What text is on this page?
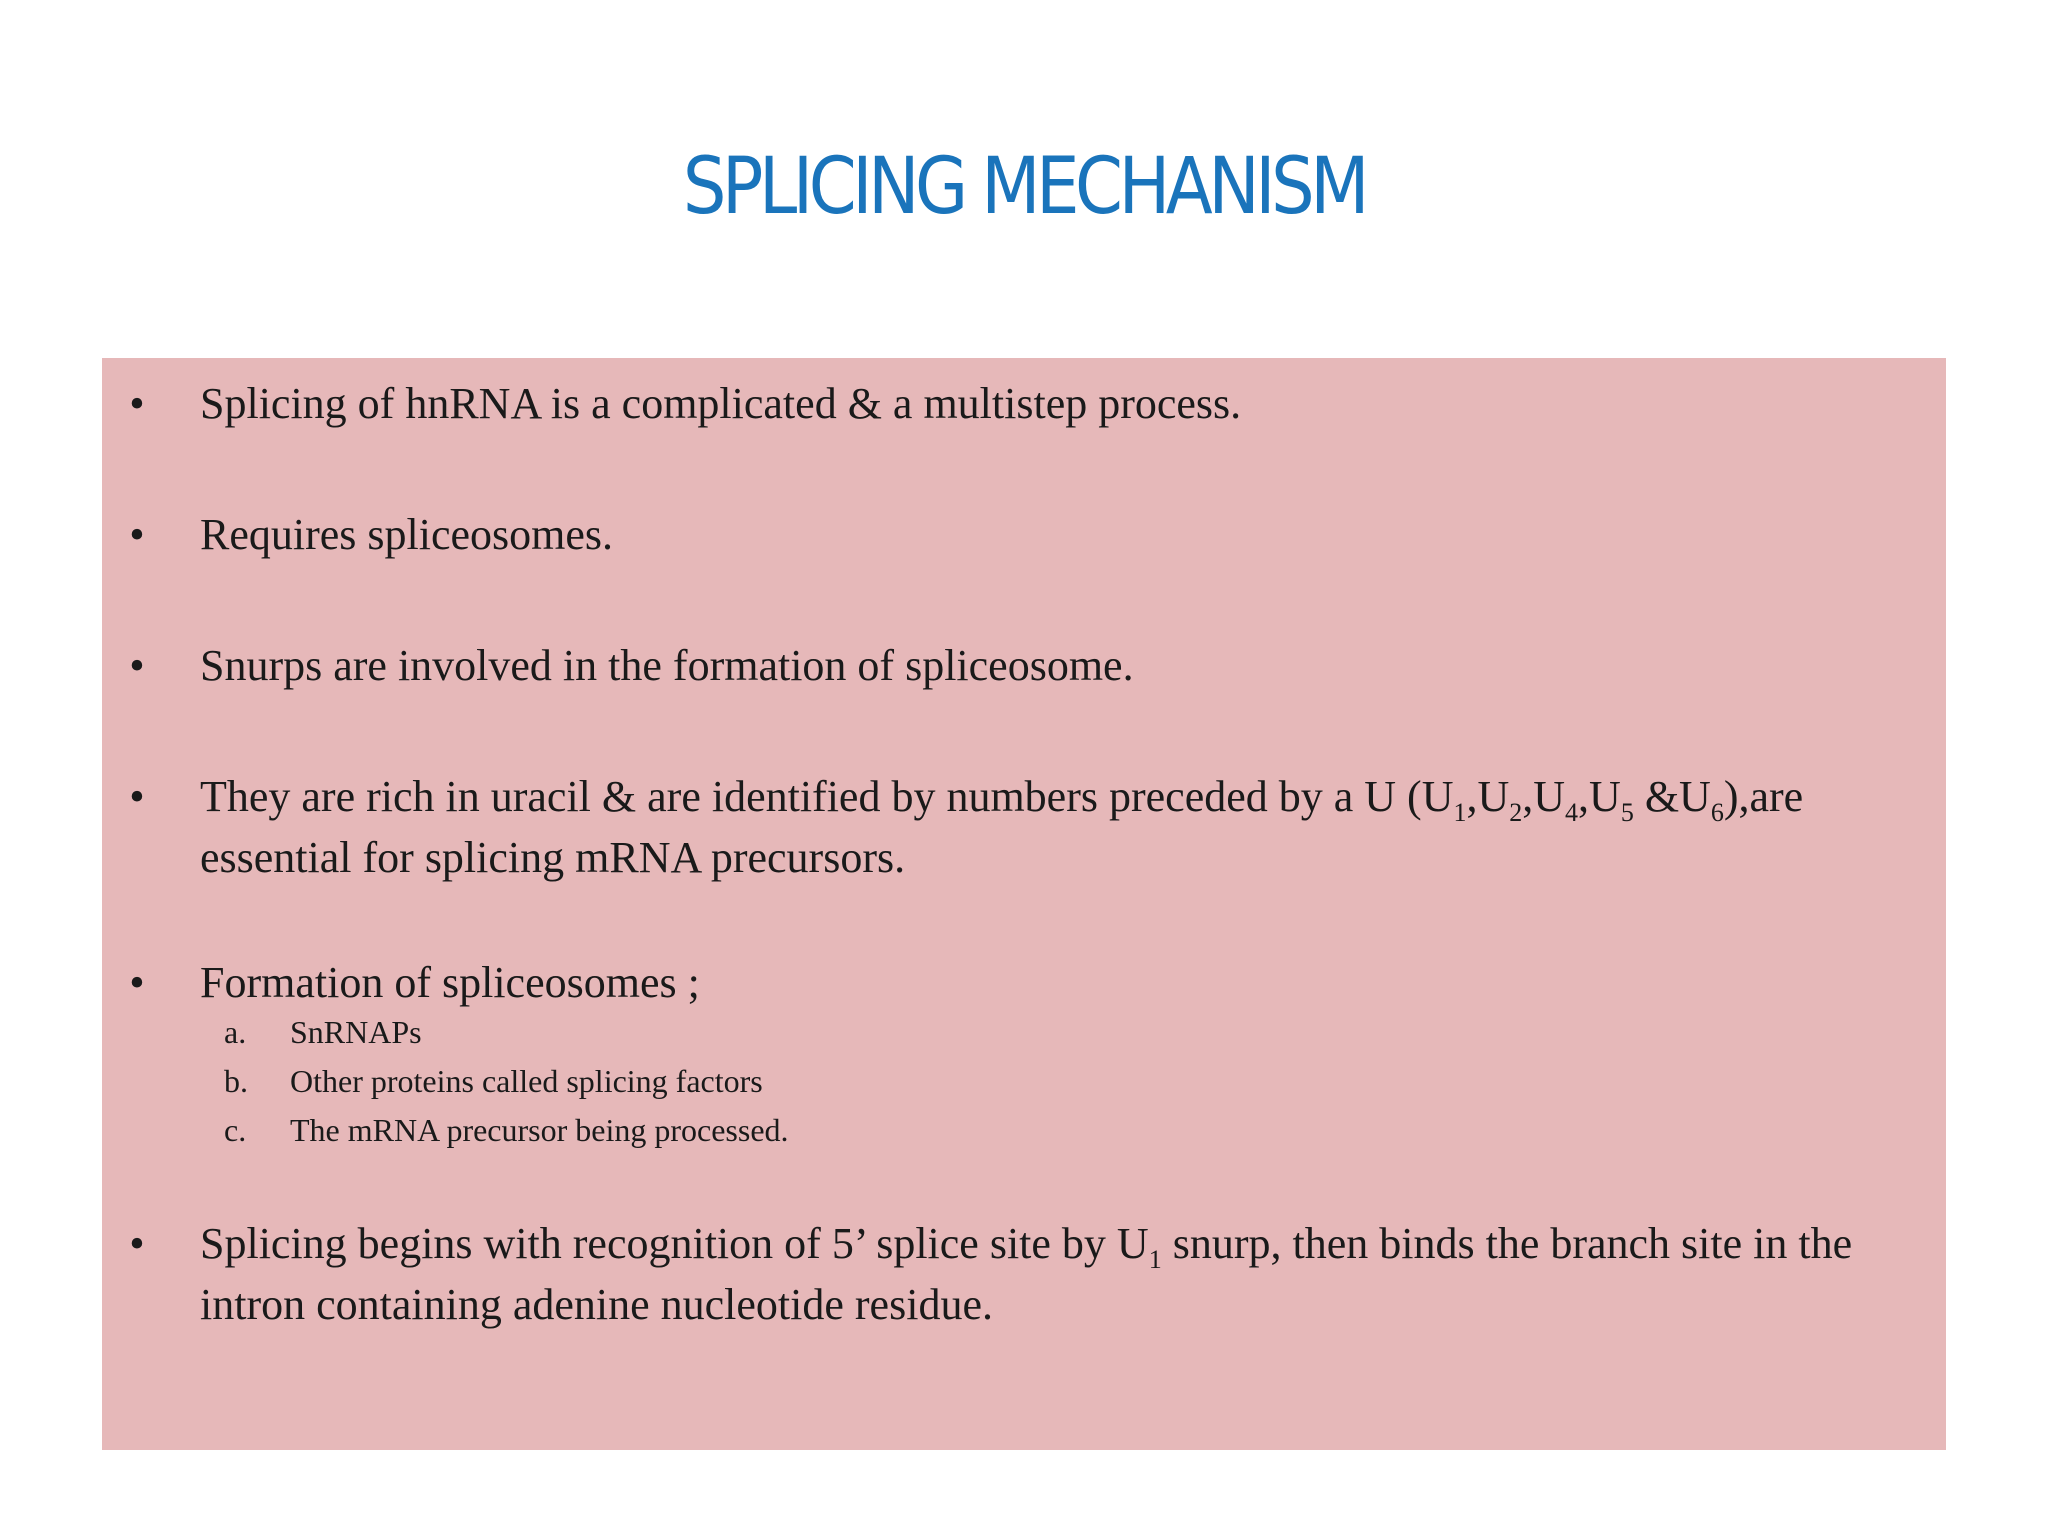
SPLICING MECHANISM
• Splicing of hnRNA is a complicated & a multistep process.
• Requires spliceosomes.
• Snurps are involved in the formation of spliceosome.
• They are rich in uracil & are identified by numbers preceded by a U ($U_1,U_2,U_4,U_5$ $\&U_6),are$
essential for splicing mRNA precursors.
• Formation of spliceosomes ;
a.	SnRNAPs
b.	Other proteins called splicing factors
c.	The mRNA precursor being processed.
• Splicing begins with recognition of 5’ splice site by $U_1$ snurp, then binds the branch site in the
intron containing adenine nucleotide residue.
